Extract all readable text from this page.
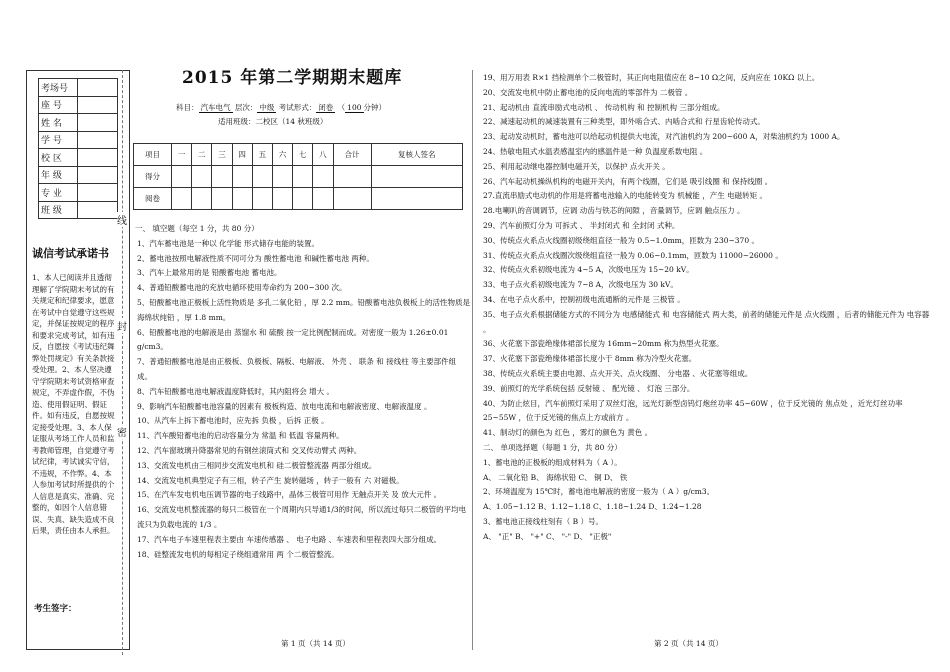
考场号	
座 号	
姓 名	
学 号	
校 区	
年 级	
专 业	
班 级	
诚信考试承诺书
1、本人已阅读并且透彻理解了学院期末考试的有关规定和纪律要求，愿意在考试中自觉遵守这些规定，并保证按规定的程序和要求完成考试，如有违反，自愿按《考试违纪舞弊处罚规定》有关条款接受处理。2、本人坚决遵守学院期末考试资格审查规定，不弄虚作假，不伪造、使用假证明、假证件。如有违反，自愿按规定接受处理。3、本人保证服从考场工作人员和监考教师管理，自觉遵守考试纪律，考试诚实守信，不违规，不作弊。4、本人参加考试时所提供的个人信息是真实、准确、完整的，如因个人信息错误、失真、缺失造成不良后果，责任由本人承担。
考生签字：
线
封
密
2015 年第二学期期末题库
科目： 汽车电气 层次： 中级 考试形式： 闭卷 （ 100 分钟）
适用班级：二校区（14 秋班级）
项目	一	二	三	四	五	六	七	八	合计	复核人签名
得分										
阅卷										

一、 填空题（每空 1 分，共 80 分）

1、汽车蓄电池是一种以 化学能 形式储存电能的装置。

2、蓄电池按照电解液性质不同可分为 酸性蓄电池 和碱性蓄电池 两种。

3、汽车上最常用的是 铅酸蓄电池 蓄电池。

4、普通铅酸蓄电池的充放电循环使用寿命约为 200~300 次。

5、铅酸蓄电池正极板上活性物质是 多孔二氧化铅 ，厚 2.2 mm。铅酸蓄电池负极板上的活性物质是 海绵状纯铅 ，厚 1.8 mm。

6、铅酸蓄电池的电解液是由 蒸馏水 和 硫酸 按一定比例配制而成。对密度一般为 1.26±0.01 g/cm3。

7、普通铅酸蓄电池是由正极板、负极板、隔板、电解液、 外壳 、 联条 和 接线柱 等主要部件组成。

8、汽车铅酸蓄电池电解液温度降低时，其内阻将会 增大 。

9、影响汽车铅酸蓄电池容量的因素有 极板构造、放电电流和电解液密度、电解液温度 。

10、从汽车上拆下蓄电池时，应先拆 负极 ，后拆 正极 。

11、汽车酸铅蓄电池的启动容量分为 常温 和 低温 容量两种。

12、汽车窗玻璃升降器常见的有钢丝滚筒式和 交叉传动臂式 两种。

13、交流发电机由三相同步交流发电机和 硅二极管整流器 两部分组成。

14、交流发电机典型定子有三相，转子产生 旋转磁场 ，转子一般有 六 对磁极。

15、在汽车发电机电压调节器的电子线路中，晶体三极管可用作 无触点开关 及 放大元件 。

16、交流发电机整流器的每只二极管在一个周期内只导通1/3的时间，所以流过每只二极管的平均电流只为负载电流的 1/3 。

17、汽车电子车速里程表主要由 车速传感器 、 电子电路 、车速表和里程表四大部分组成。

18、硅整流发电机的每相定子绕组通常用 两 个二极管整流。

19、用万用表 R×1 挡检测单个二极管时，其正向电阻值应在 8~10 Ω之间，反向应在 10KΩ 以上。

20、交流发电机中防止蓄电池的反向电流的零部件为 二极管 。

21、起动机由 直流串励式电动机 、 传动机构 和 控制机构 三部分组成。

22、减速起动机的减速装置有三种类型，即外啮合式、内啮合式和 行星齿轮传动式。

23、起动发动机时，蓄电池可以给起动机提供大电流，对汽油机约为 200~600 A，对柴油机约为 1000 A。

24、热敏电阻式水温表感温室内的感温件是一种 负温度系数电阻 。

25、利用起动继电器控制电磁开关，以保护 点火开关 。

26、汽车起动机操纵机构的电磁开关内，有两个线圈，它们是 吸引线圈 和 保持线圈 。

27.直流串励式电动机的作用是将蓄电池输入的电能转变为 机械能 ，产生 电磁转矩 。

28.电喇叭的音调调节，应调 动齿与铁芯的间隙 ，音量调节，应调 触点压力 。

29、汽车前照灯分为 可拆式 、 半封闭式 和 全封闭 式种。

30、传统点火系点火线圈初级绕组直径一般为 0.5~1.0mm，匝数为 230~370 。

31、传统点火系点火线圈次级绕组直径一般为 0.06~0.1mm，匝数为 11000~26000 。

32、传统点火系初级电流为 4~5 A，次级电压为 15~20 kV。

33、电子点火系初级电流为 7~8 A，次级电压为 30 kV。

34、在电子点火系中，控制初级电流通断的元件是 三极管 。

35、电子点火系根据储能方式的不同分为 电感储能式 和 电容储能式 两大类，前者的储能元件是 点火线圈 ，后者的储能元件为 电容器 。

36、火花塞下部瓷绝缘体裙部长度为 16mm~20mm 称为热型火花塞。

37、火花塞下部瓷绝缘体裙部长度小于 8mm 称为冷型火花塞。

38、传统点火系统主要由电源、点火开关、点火线圈、 分电器 、火花塞等组成。

39、前照灯的光学系统包括 反射镜 、 配光镜 、 灯泡 三部分。

40、为防止炫目，汽车前照灯采用了双丝灯泡，远光灯新型卤钨灯炮丝功率 45~60W ，位于反光镜的 焦点处 ，近光灯丝功率 25~55W ，位于反光镜的焦点上方或前方 。

41、制动灯的颜色为 红色 ，雾灯的颜色为 黄色 。

二、 单项选择题（每题 1 分，共 80 分）

1、蓄电池的正极板的组成材料为（ A ）。

A、 二氧化铅 B、 海绵状铅 C、 铜 D、 铁

2、环境温度为 15℃时，蓄电池电解液的密度一般为（ A ）g/cm3。

A、1.05~1.12 B、1.12~1.18 C、1.18~1.24 D、1.24~1.28

3、蓄电池正接线柱刻有（ B ）号。

A、 "正" B、 "+" C、 "-" D、 "正极"

第 1 页（共 14 页）	第 2 页（共 14 页）
